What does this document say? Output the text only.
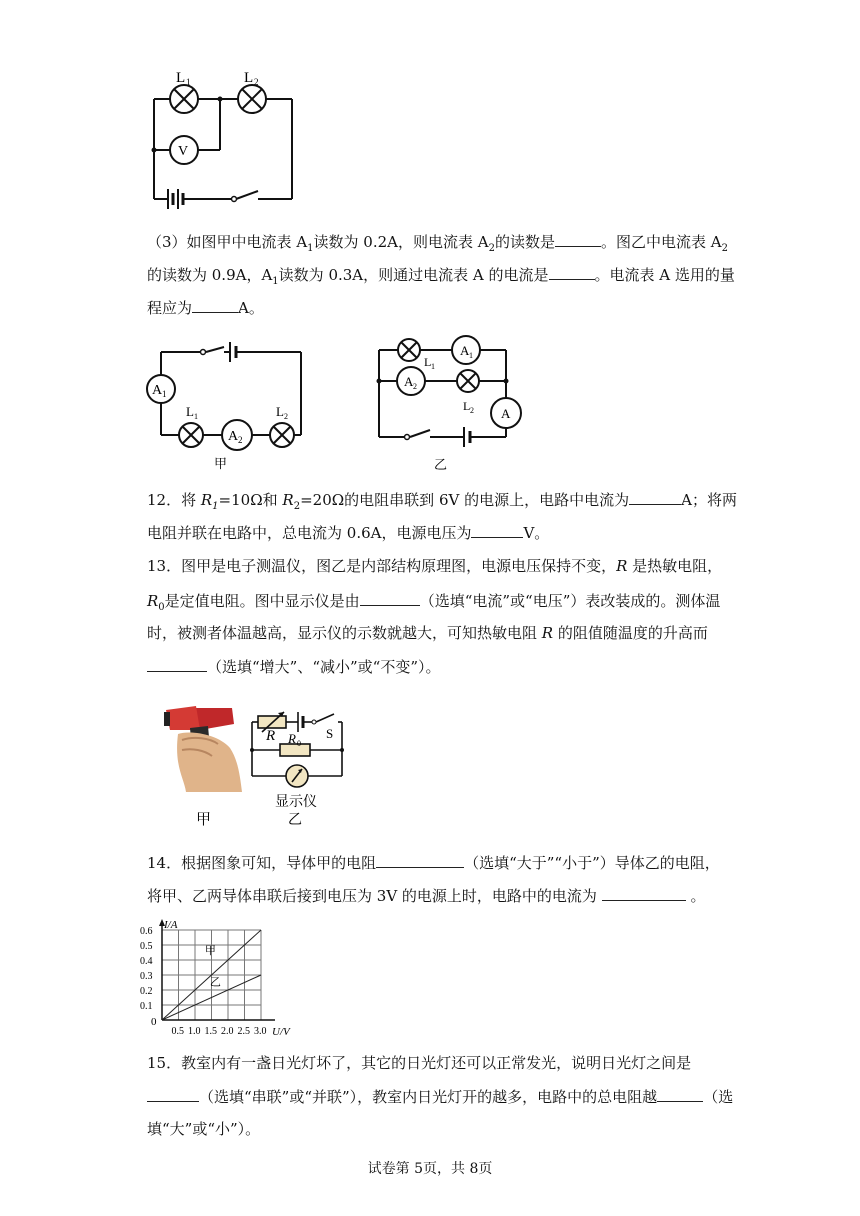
L 1	L 2
V
（3）如图甲中电流表 $A_1$读数为 0.2A，则电流表 $A_2$的读数是	。图乙中电流表 $A_2$
的读数为 0.9A，$A_1$读数为 0.3A，则通过电流表 A 的电流是	。电流表 A 选用的量
程应为	A。
A 1
A 2
L 1	L 2
甲
L 1
A 1
A 2
L 2 A
乙
12．将 $R_1=10\Omega$和 $R_2=20\Omega$的电阻串联到 6V 的电源上，电路中电流为	A；将两
电阻并联在电路中，总电流为 0.6A，电源电压为	V。
13．图甲是电子测温仪，图乙是内部结构原理图，电源电压保持不变，R 是热敏电阻，
$R_0$是定值电阻。图中显示仪是由	（选填“电流”或“电压”）表改装成的。测体温
时，被测者体温越高，显示仪的示数就越大，可知热敏电阻 R 的阻值随温度的升高而
（选填“增大”、“减小”或“不变”）。
甲
R R 0
S
显示仪
乙
14．根据图象可知，导体甲的电阻	（选填“大于”“小于”）导体乙的电阻，
将甲、乙两导体串联后接到电压为 3V 的电源上时，电路中的电流为	。
甲
乙
0.5 1.0 1.5 2.0 2.5 3.0
0.1
0.2
0.3
0.4
0.5
0.6
I/A
U/V
0
15．教室内有一盏日光灯坏了，其它的日光灯还可以正常发光，说明日光灯之间是
（选填“串联”或“并联”），教室内日光灯开的越多，电路中的总电阻越	（选
填“大”或“小”）。
试卷第 5页，共 8页
